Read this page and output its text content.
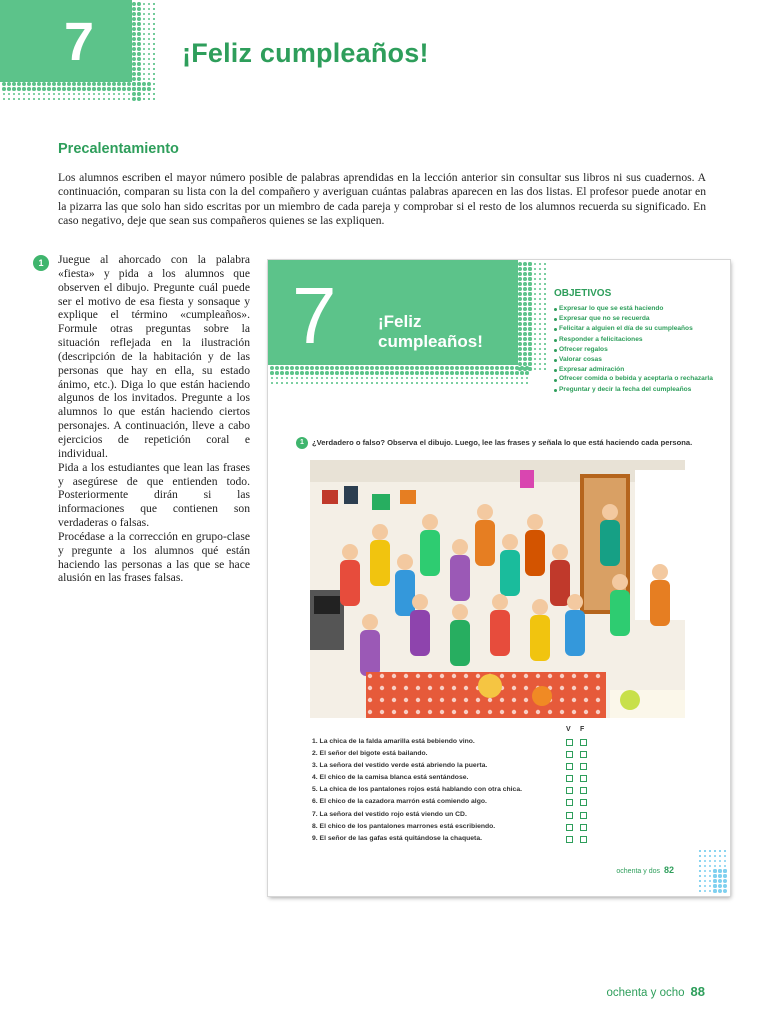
7	¡Feliz cumpleaños!
Precalentamiento

Los alumnos escriben el mayor número posible de palabras aprendidas en la lección anterior sin consultar sus libros ni sus cuadernos. A continuación, comparan su lista con la del compañero y averiguan cuántas palabras aparecen en las dos listas. El profesor puede anotar en la pizarra las que solo han sido escritas por un miembro de cada pareja y comprobar si el resto de los alumnos recuerda su significado. En caso negativo, deje que sean sus compañeros quienes se las expliquen.

1	Juegue al ahorcado con la palabra «fiesta» y pida a los alumnos que observen el dibujo. Pregunte cuál puede ser el motivo de esa fiesta y sonsaque y explique el término «cumpleaños». Formule otras preguntas sobre la situación reflejada en la ilustración (descripción de la habitación y de las personas que hay en ella, su estado ánimo, etc.). Diga lo que están haciendo algunos de los invitados. Pregunte a los alumnos lo que están haciendo ciertos personajes. A continuación, lleve a cabo ejercicios de repetición coral e individual.

Pida a los estudiantes que lean las frases y asegúrese de que entienden todo. Posteriormente dirán si las informaciones que contienen son verdaderas o falsas.

Procédase a la corrección en grupo-clase y pregunte a los alumnos qué están haciendo las personas a las que se hace alusión en las frases falsas.

7 ¡Feliz cumpleaños!
OBJETIVOS
Expresar lo que se está haciendo
Expresar que no se recuerda
Felicitar a alguien el día de su cumpleaños
Responder a felicitaciones
Ofrecer regalos
Valorar cosas
Expresar admiración
Ofrecer comida o bebida y aceptarla o rechazarla
Preguntar y decir la fecha del cumpleaños
1	¿Verdadero o falso? Observa el dibujo. Luego, lee las frases y señala lo que está haciendo cada persona.
V F
1. La chica de la falda amarilla está bebiendo vino.
2. El señor del bigote está bailando.
3. La señora del vestido verde está abriendo la puerta.
4. El chico de la camisa blanca está sentándose.
5. La chica de los pantalones rojos está hablando con otra chica.
6. El chico de la cazadora marrón está comiendo algo.
7. La señora del vestido rojo está viendo un CD.
8. El chico de los pantalones marrones está escribiendo.
9. El señor de las gafas está quitándose la chaqueta.
ochenta y dos 82
ochenta y ocho 88
